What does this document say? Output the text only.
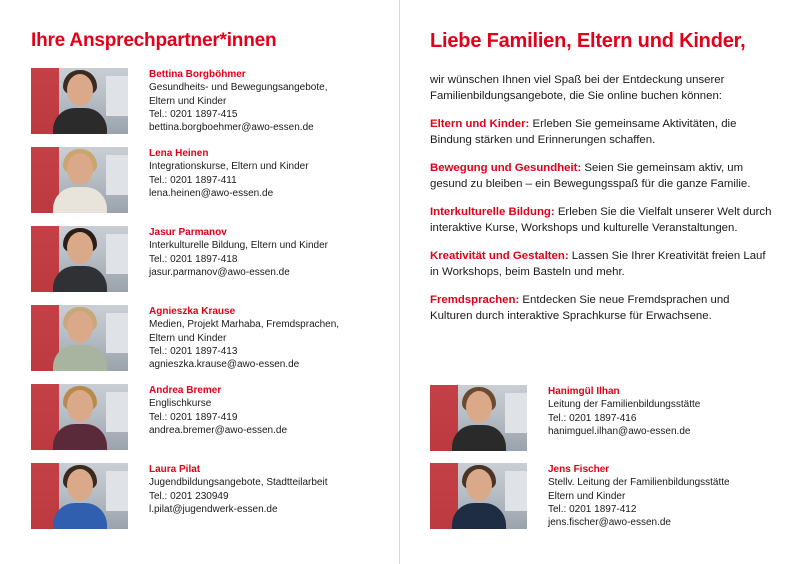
Ihre Ansprechpartner*innen
Bettina Borgböhmer
Gesundheits- und Bewegungsangebote,
Eltern und Kinder
Tel.: 0201 1897-415
bettina.borgboehmer@awo-essen.de
Lena Heinen
Integrationskurse, Eltern und Kinder
Tel.: 0201 1897-411
lena.heinen@awo-essen.de
Jasur Parmanov
Interkulturelle Bildung, Eltern und Kinder
Tel.: 0201 1897-418
jasur.parmanov@awo-essen.de
Agnieszka Krause
Medien, Projekt Marhaba, Fremdsprachen,
Eltern und Kinder
Tel.: 0201 1897-413
agnieszka.krause@awo-essen.de
Andrea Bremer
Englischkurse
Tel.: 0201 1897-419
andrea.bremer@awo-essen.de
Laura Pilat
Jugendbildungsangebote, Stadtteilarbeit
Tel.: 0201 230949
l.pilat@jugendwerk-essen.de
Liebe Familien, Eltern und Kinder,

wir wünschen Ihnen viel Spaß bei der Entdeckung unserer Familienbildungsangebote, die Sie online buchen können:

Eltern und Kinder: Erleben Sie gemeinsame Aktivitäten, die Bindung stärken und Erinnerungen schaffen.

Bewegung und Gesundheit: Seien Sie gemeinsam aktiv, um gesund zu bleiben – ein Bewegungsspaß für die ganze Familie.

Interkulturelle Bildung: Erleben Sie die Vielfalt unserer Welt durch interaktive Kurse, Workshops und kulturelle Veranstaltungen.

Kreativität und Gestalten: Lassen Sie Ihrer Kreativität freien Lauf in Workshops, beim Basteln und mehr.

Fremdsprachen: Entdecken Sie neue Fremdsprachen und Kulturen durch interaktive Sprachkurse für Erwachsene.

Hanimgül Ilhan
Leitung der Familienbildungsstätte
Tel.: 0201 1897-416
hanimguel.ilhan@awo-essen.de
Jens Fischer
Stellv. Leitung der Familienbildungsstätte
Eltern und Kinder
Tel.: 0201 1897-412
jens.fischer@awo-essen.de
